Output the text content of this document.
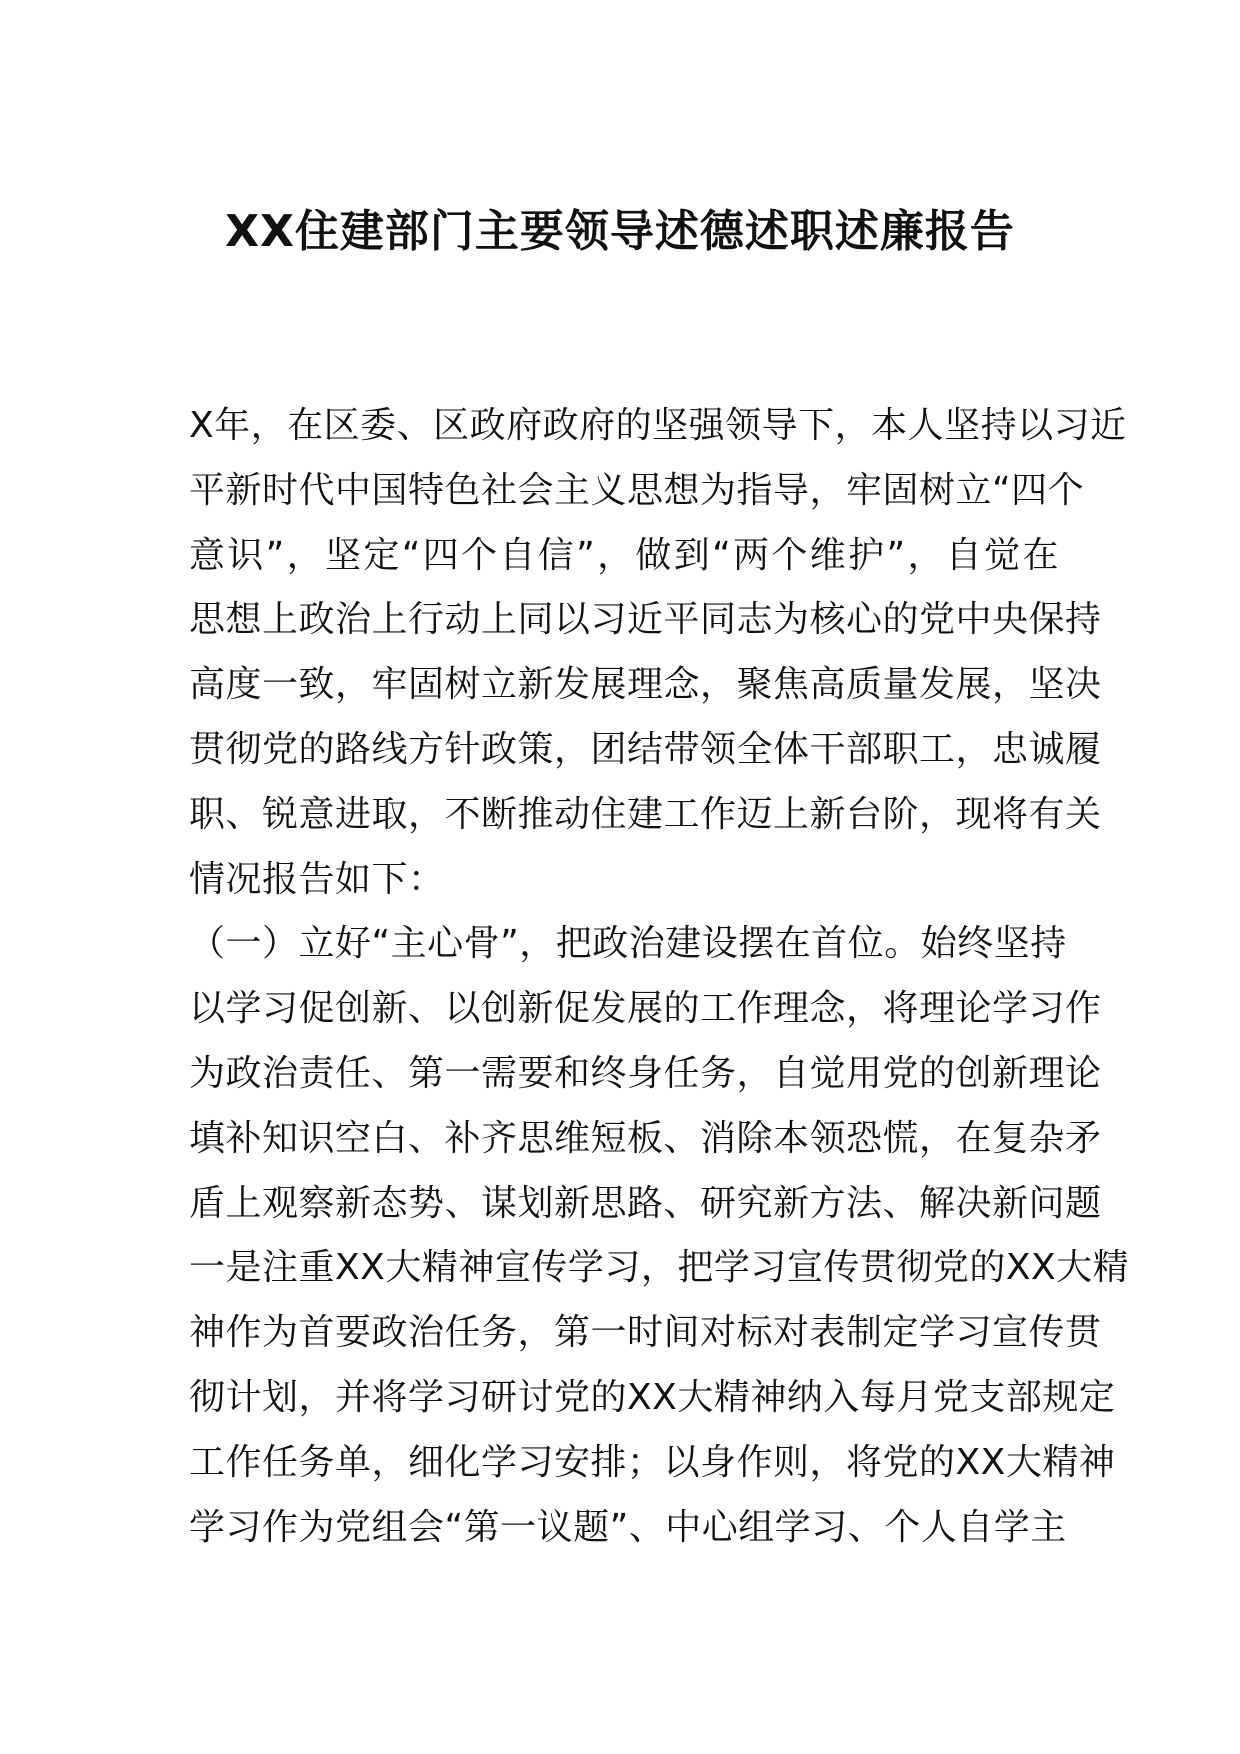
XX住建部门主要领导述德述职述廉报告
X年，在区委、区政府政府的坚强领导下，本人坚持以习近
平新时代中国特色社会主义思想为指导，牢固树立“四个
意识”，坚定“四个自信”，做到“两个维护”，自觉在
思想上政治上行动上同以习近平同志为核心的党中央保持
高度一致，牢固树立新发展理念，聚焦高质量发展，坚决
贯彻党的路线方针政策，团结带领全体干部职工，忠诚履
职、锐意进取，不断推动住建工作迈上新台阶，现将有关
情况报告如下：
（一）立好“主心骨”，把政治建设摆在首位。始终坚持
以学习促创新、以创新促发展的工作理念，将理论学习作
为政治责任、第一需要和终身任务，自觉用党的创新理论
填补知识空白、补齐思维短板、消除本领恐慌，在复杂矛
盾上观察新态势、谋划新思路、研究新方法、解决新问题
一是注重XX大精神宣传学习，把学习宣传贯彻党的XX大精
神作为首要政治任务，第一时间对标对表制定学习宣传贯
彻计划，并将学习研讨党的XX大精神纳入每月党支部规定
工作任务单，细化学习安排；以身作则，将党的XX大精神
学习作为党组会“第一议题”、中心组学习、个人自学主
